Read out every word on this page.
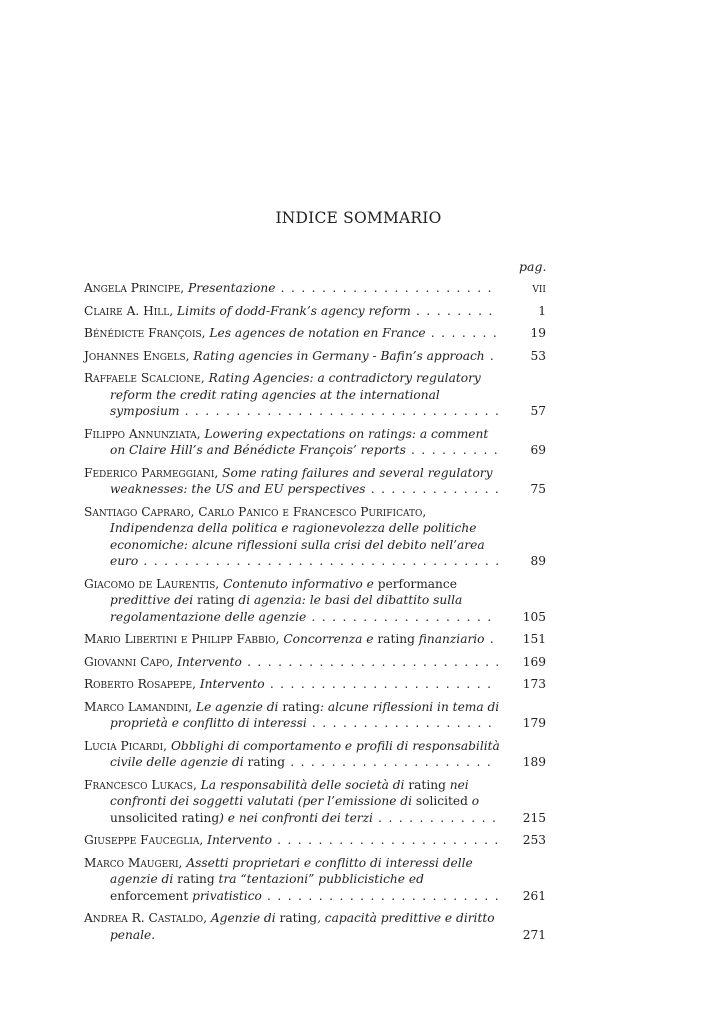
INDICE SOMMARIO
pag.
Angela Principe, Presentazione . . . . . . . . . . . . . . . . . . . . .	vii
Claire A. Hill, Limits of dodd-Frank’s agency reform . . . . . . . .	1
Bénédicte François, Les agences de notation en France . . . . . . .	19
Johannes Engels, Rating agencies in Germany - Bafin’s approach .	53
Raffaele Scalcione, Rating Agencies: a contradictory regulatory reform the credit rating agencies at the international symposium . . . . . . . . . . . . . . . . . . . . . . . . . . . . . . .	57
Filippo Annunziata, Lowering expectations on ratings: a comment on Claire Hill’s and Bénédicte François’ reports . . . . . . . . .	69
Federico Parmeggiani, Some rating failures and several regulatory weaknesses: the US and EU perspectives . . . . . . . . . . . . .	75
Santiago Capraro, Carlo Panico e Francesco Purificato, Indipendenza della politica e ragionevolezza delle politiche economiche: alcune riflessioni sulla crisi del debito nell’area euro . . . . . . . . . . . . . . . . . . . . . . . . . . . . . . . . . . .	89
Giacomo de Laurentis, Contenuto informativo e performance predittive dei rating di agenzia: le basi del dibattito sulla regolamentazione delle agenzie . . . . . . . . . . . . . . . . . .	105
Mario Libertini e Philipp Fabbio, Concorrenza e rating finanziario .	151
Giovanni Capo, Intervento . . . . . . . . . . . . . . . . . . . . . . . . .	169
Roberto Rosapepe, Intervento . . . . . . . . . . . . . . . . . . . . . .	173
Marco Lamandini, Le agenzie di rating: alcune riflessioni in tema di proprietà e conflitto di interessi . . . . . . . . . . . . . . . . . .	179
Lucia Picardi, Obblighi di comportamento e profili di responsabilità civile delle agenzie di rating . . . . . . . . . . . . . . . . . . . .	189
Francesco Lukacs, La responsabilità delle società di rating nei confronti dei soggetti valutati (per l’emissione di solicited o unsolicited rating) e nei confronti dei terzi . . . . . . . . . . . .	215
Giuseppe Fauceglia, Intervento . . . . . . . . . . . . . . . . . . . . . .	253
Marco Maugeri, Assetti proprietari e conflitto di interessi delle agenzie di rating tra “tentazioni” pubblicistiche ed enforcement privatistico . . . . . . . . . . . . . . . . . . . . . . .	261
Andrea R. Castaldo, Agenzie di rating, capacità predittive e diritto penale.	271
